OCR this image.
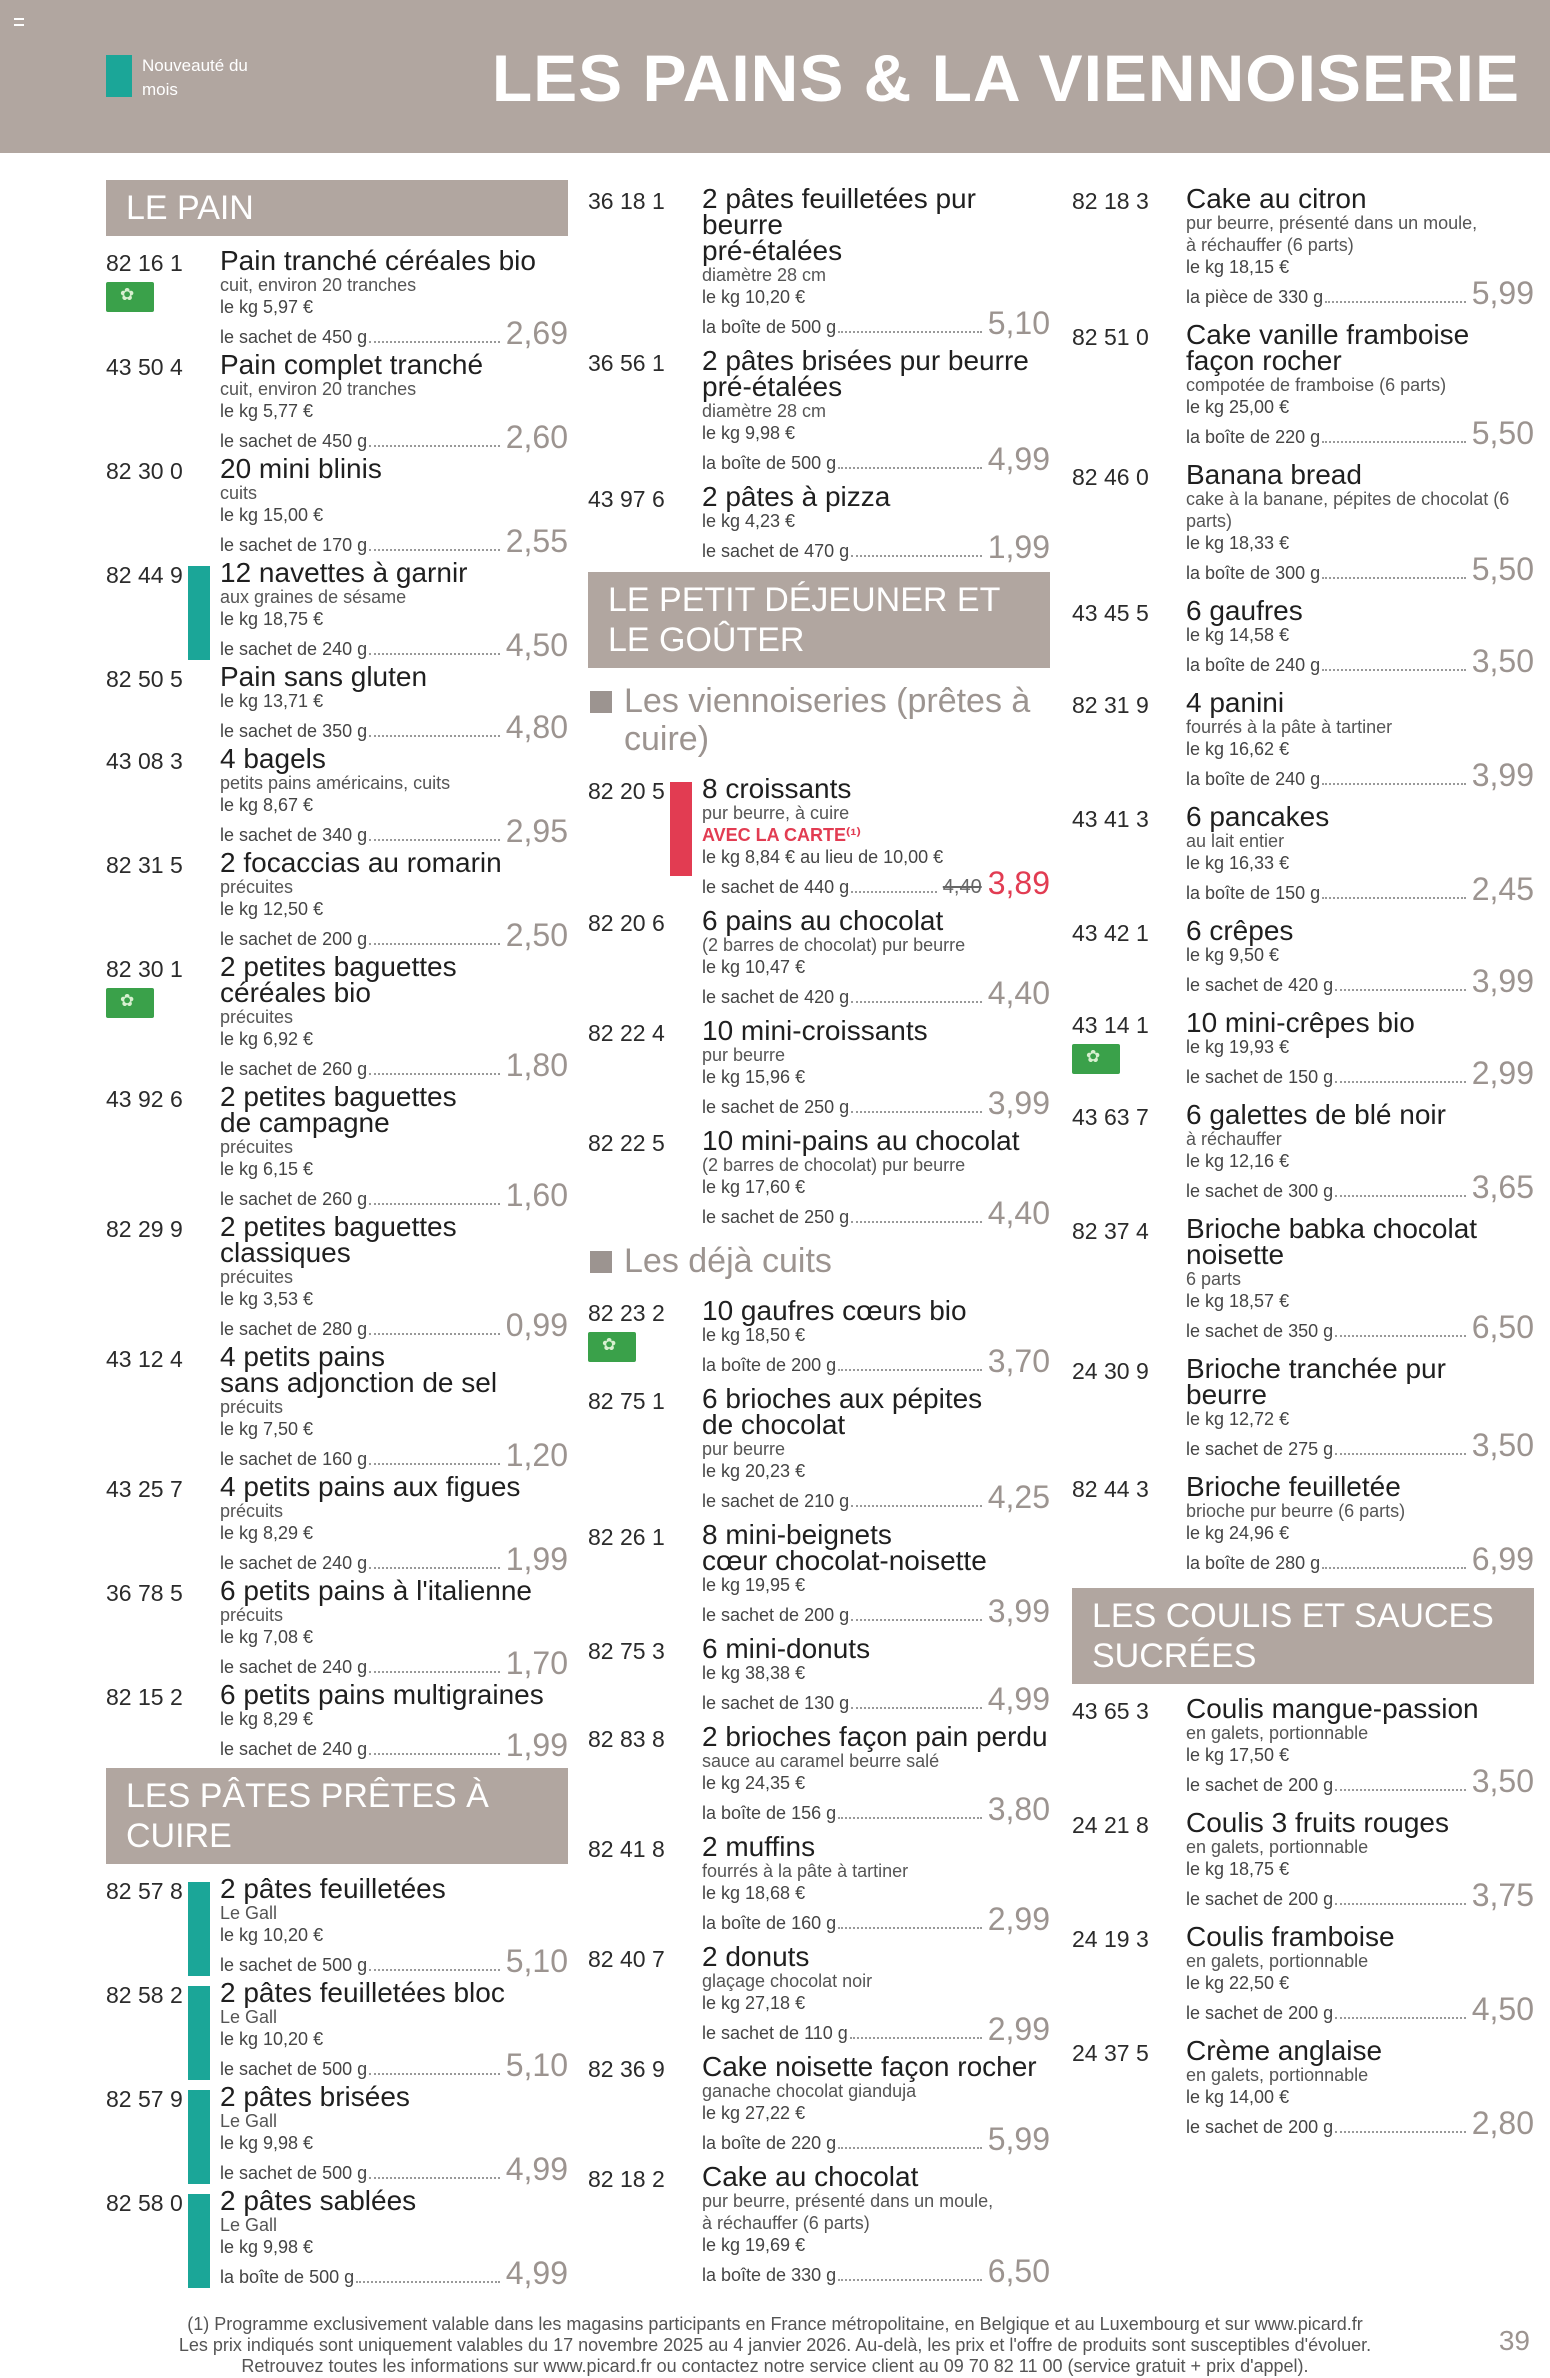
Nouveauté du mois	LES PAINS & LA VIENNOISERIE
LE PAIN
82 16 1
✿ Pain tranché céréales bio
cuit, environ 20 tranches
le kg 5,97 €
le sachet de 450 g	2,69
43 50 4 Pain complet tranché
cuit, environ 20 tranches
le kg 5,77 €
le sachet de 450 g	2,60
82 30 0 20 mini blinis
cuits
le kg 15,00 €
le sachet de 170 g	2,55
82 44 9 12 navettes à garnir
aux graines de sésame
le kg 18,75 €
le sachet de 240 g	4,50
82 50 5 Pain sans gluten
le kg 13,71 €
le sachet de 350 g	4,80
43 08 3 4 bagels
petits pains américains, cuits
le kg 8,67 €
le sachet de 340 g	2,95
82 31 5 2 focaccias au romarin
précuites
le kg 12,50 €
le sachet de 200 g	2,50
82 30 1
✿ 2 petites baguettes céréales bio
précuites
le kg 6,92 €
le sachet de 260 g	1,80
43 92 6 2 petites baguettes
de campagne
précuites
le kg 6,15 €
le sachet de 260 g	1,60
82 29 9 2 petites baguettes classiques
précuites
le kg 3,53 €
le sachet de 280 g	0,99
43 12 4 4 petits pains
sans adjonction de sel
précuits
le kg 7,50 €
le sachet de 160 g	1,20
43 25 7 4 petits pains aux figues
précuits
le kg 8,29 €
le sachet de 240 g	1,99
36 78 5 6 petits pains à l'italienne
précuits
le kg 7,08 €
le sachet de 240 g	1,70
82 15 2 6 petits pains multigraines
le kg 8,29 €
le sachet de 240 g	1,99
LES PÂTES PRÊTES À CUIRE
82 57 8 2 pâtes feuilletées
Le Gall
le kg 10,20 €
le sachet de 500 g	5,10
82 58 2 2 pâtes feuilletées bloc
Le Gall
le kg 10,20 €
le sachet de 500 g	5,10
82 57 9 2 pâtes brisées
Le Gall
le kg 9,98 €
le sachet de 500 g	4,99
82 58 0 2 pâtes sablées
Le Gall
le kg 9,98 €
la boîte de 500 g	4,99
36 18 1 2 pâtes feuilletées pur beurre
pré-étalées
diamètre 28 cm
le kg 10,20 €
la boîte de 500 g	5,10
36 56 1 2 pâtes brisées pur beurre
pré-étalées
diamètre 28 cm
le kg 9,98 €
la boîte de 500 g	4,99
43 97 6 2 pâtes à pizza
le kg 4,23 €
le sachet de 470 g	1,99
LE PETIT DÉJEUNER ET LE GOÛTER
Les viennoiseries (prêtes à cuire)
82 20 5 8 croissants
pur beurre, à cuire
AVEC LA CARTE⁽¹⁾
le kg 8,84 € au lieu de 10,00 €
le sachet de 440 g	4,40 3,89
82 20 6 6 pains au chocolat
(2 barres de chocolat) pur beurre
le kg 10,47 €
le sachet de 420 g	4,40
82 22 4 10 mini-croissants
pur beurre
le kg 15,96 €
le sachet de 250 g	3,99
82 22 5 10 mini-pains au chocolat
(2 barres de chocolat) pur beurre
le kg 17,60 €
le sachet de 250 g	4,40
Les déjà cuits
82 23 2
✿ 10 gaufres cœurs bio
le kg 18,50 €
la boîte de 200 g	3,70
82 75 1 6 brioches aux pépites
de chocolat
pur beurre
le kg 20,23 €
le sachet de 210 g	4,25
82 26 1 8 mini-beignets
cœur chocolat-noisette
le kg 19,95 €
le sachet de 200 g	3,99
82 75 3 6 mini-donuts
le kg 38,38 €
le sachet de 130 g	4,99
82 83 8 2 brioches façon pain perdu
sauce au caramel beurre salé
le kg 24,35 €
la boîte de 156 g	3,80
82 41 8 2 muffins
fourrés à la pâte à tartiner
le kg 18,68 €
la boîte de 160 g	2,99
82 40 7 2 donuts
glaçage chocolat noir
le kg 27,18 €
le sachet de 110 g	2,99
82 36 9 Cake noisette façon rocher
ganache chocolat gianduja
le kg 27,22 €
la boîte de 220 g	5,99
82 18 2 Cake au chocolat
pur beurre, présenté dans un moule,
à réchauffer (6 parts)
le kg 19,69 €
la boîte de 330 g	6,50
82 18 3 Cake au citron
pur beurre, présenté dans un moule,
à réchauffer (6 parts)
le kg 18,15 €
la pièce de 330 g	5,99
82 51 0 Cake vanille framboise
façon rocher
compotée de framboise (6 parts)
le kg 25,00 €
la boîte de 220 g	5,50
82 46 0 Banana bread
cake à la banane, pépites de chocolat (6 parts)
le kg 18,33 €
la boîte de 300 g	5,50
43 45 5 6 gaufres
le kg 14,58 €
la boîte de 240 g	3,50
82 31 9 4 panini
fourrés à la pâte à tartiner
le kg 16,62 €
la boîte de 240 g	3,99
43 41 3 6 pancakes
au lait entier
le kg 16,33 €
la boîte de 150 g	2,45
43 42 1 6 crêpes
le kg 9,50 €
le sachet de 420 g	3,99
43 14 1
✿ 10 mini-crêpes bio
le kg 19,93 €
le sachet de 150 g	2,99
43 63 7 6 galettes de blé noir
à réchauffer
le kg 12,16 €
le sachet de 300 g	3,65
82 37 4 Brioche babka chocolat noisette
6 parts
le kg 18,57 €
le sachet de 350 g	6,50
24 30 9 Brioche tranchée pur beurre
le kg 12,72 €
le sachet de 275 g	3,50
82 44 3 Brioche feuilletée
brioche pur beurre (6 parts)
le kg 24,96 €
la boîte de 280 g	6,99
LES COULIS ET SAUCES SUCRÉES
43 65 3 Coulis mangue-passion
en galets, portionnable
le kg 17,50 €
le sachet de 200 g	3,50
24 21 8 Coulis 3 fruits rouges
en galets, portionnable
le kg 18,75 €
le sachet de 200 g	3,75
24 19 3 Coulis framboise
en galets, portionnable
le kg 22,50 €
le sachet de 200 g	4,50
24 37 5 Crème anglaise
en galets, portionnable
le kg 14,00 €
le sachet de 200 g	2,80
(1) Programme exclusivement valable dans les magasins participants en France métropolitaine, en Belgique et au Luxembourg et sur www.picard.fr
Les prix indiqués sont uniquement valables du 17 novembre 2025 au 4 janvier 2026. Au-delà, les prix et l'offre de produits sont susceptibles d'évoluer.
Retrouvez toutes les informations sur www.picard.fr ou contactez notre service client au 09 70 82 11 00 (service gratuit + prix d'appel).
39
